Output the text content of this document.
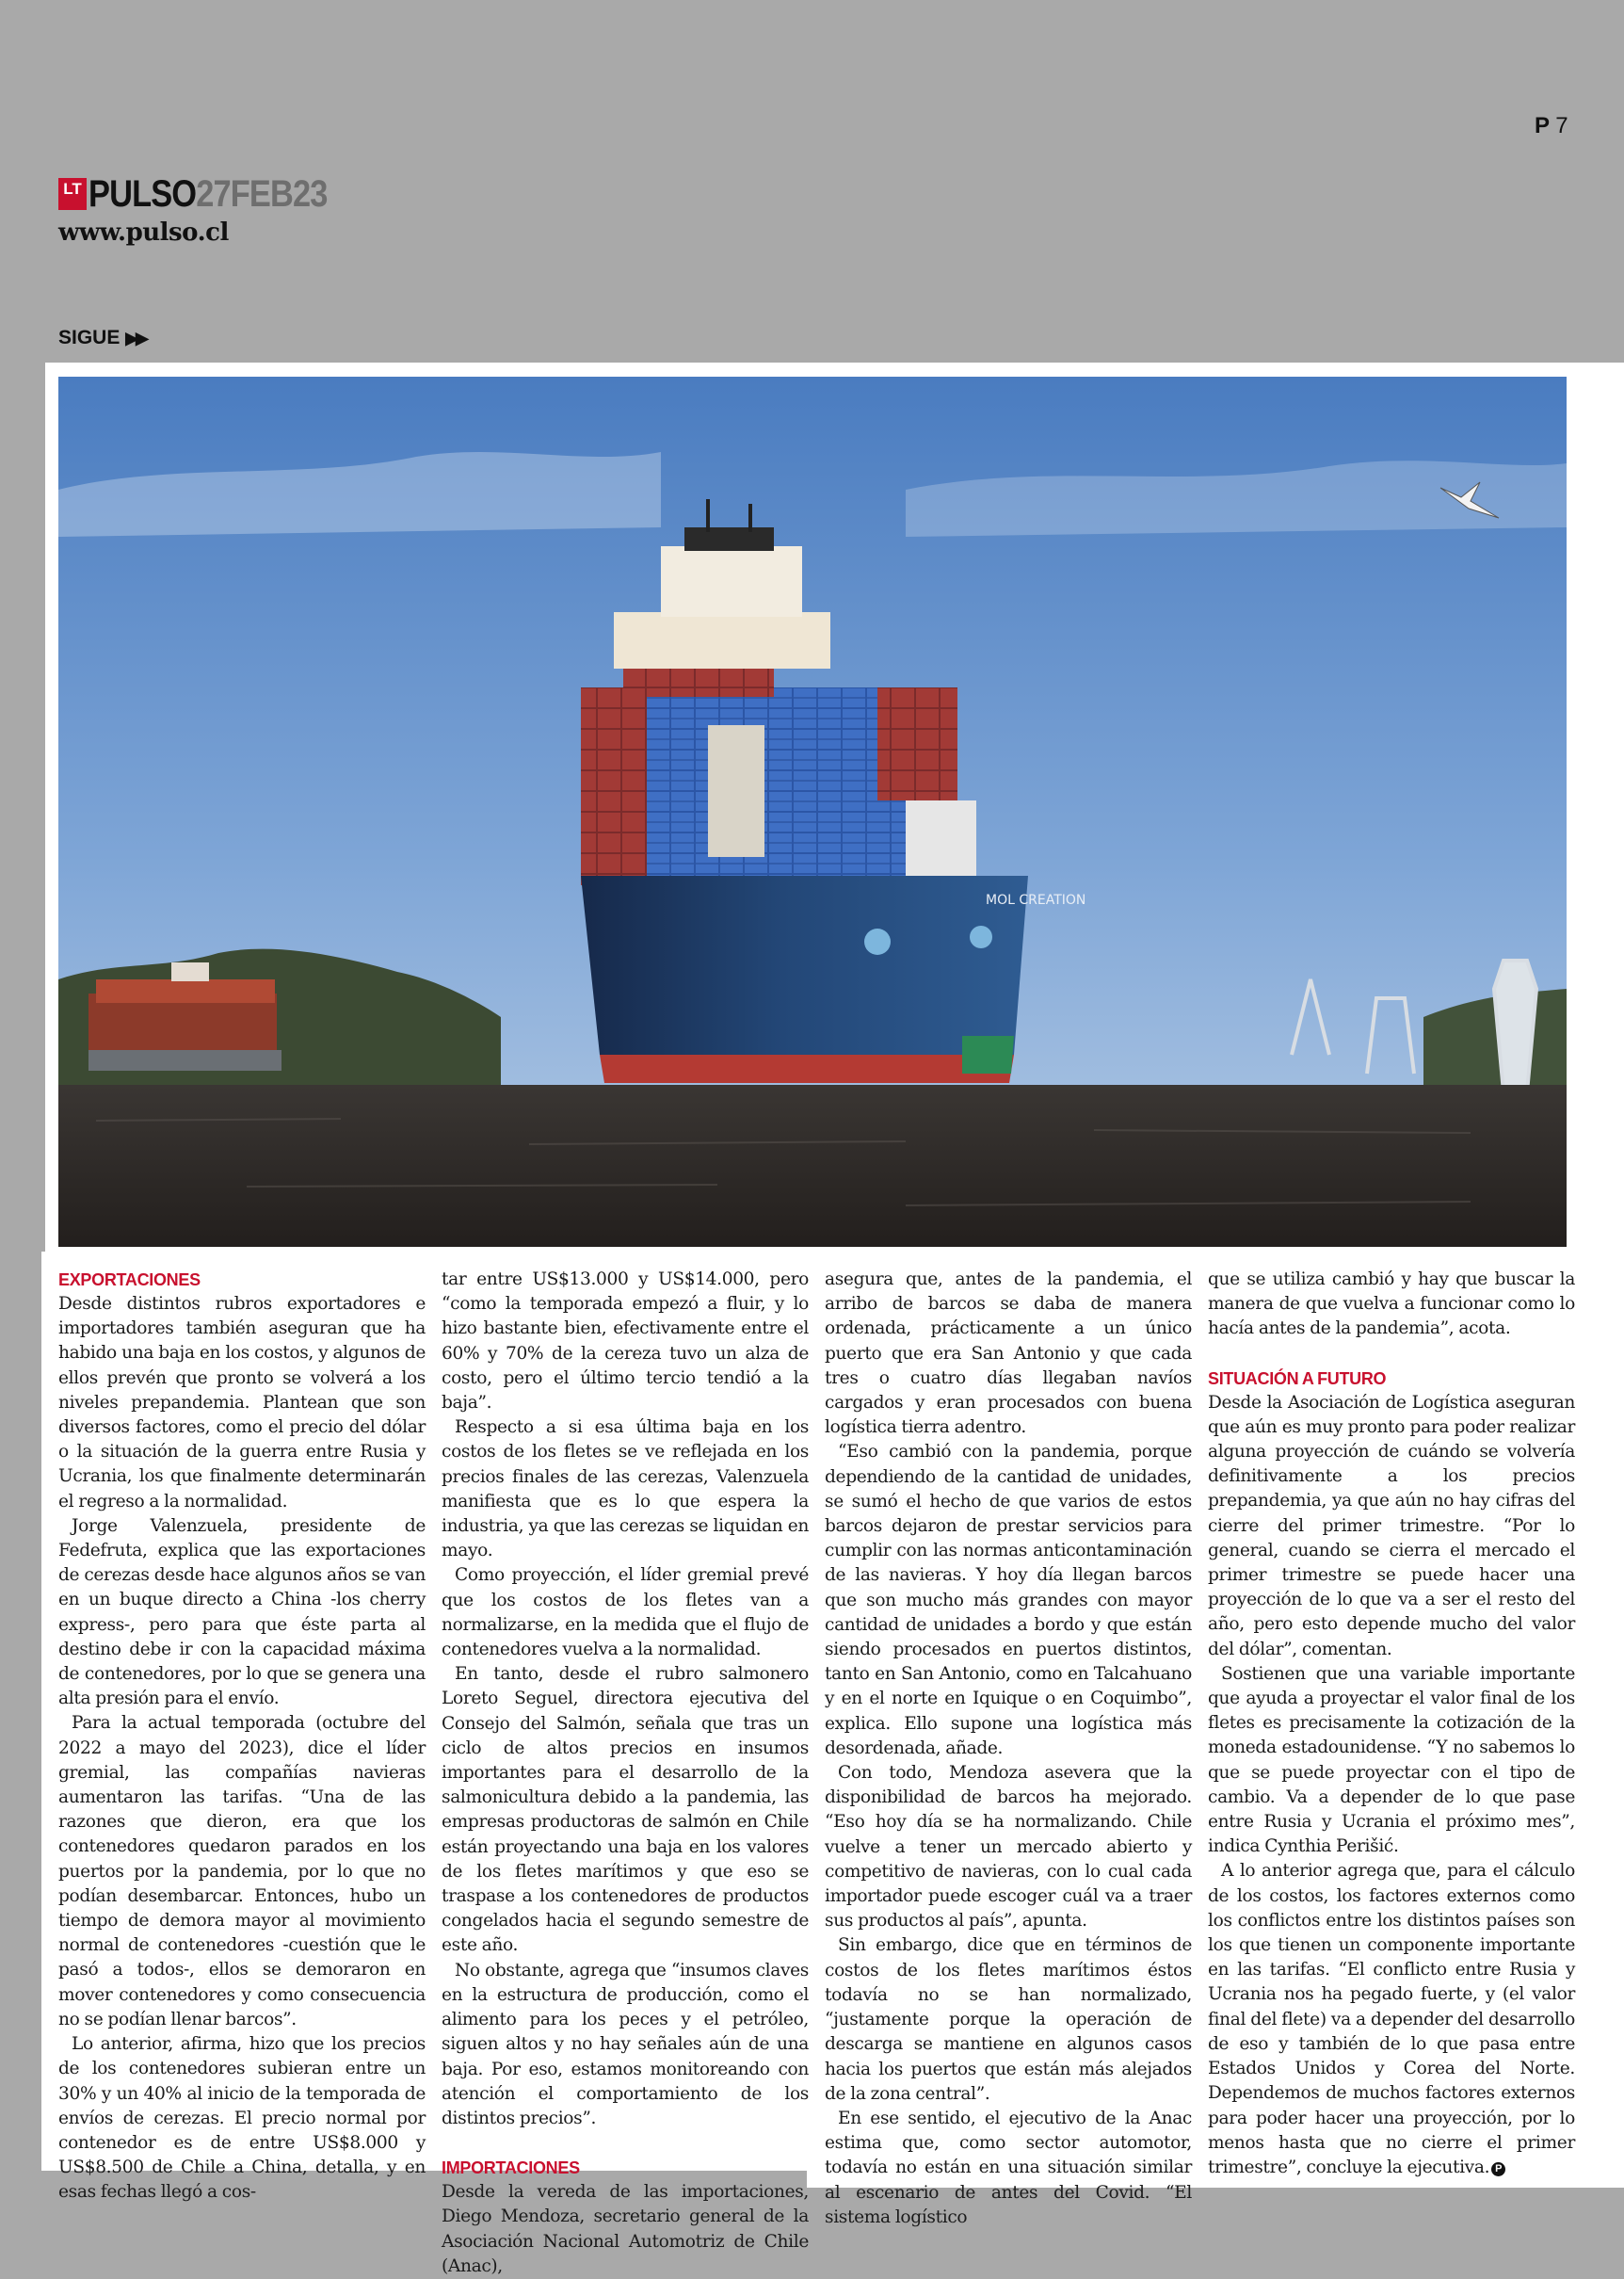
P 7
LT PULSO27FEB23
www.pulso.cl
SIGUE ▶▶
MOL CREATION
EXPORTACIONES

Desde distintos rubros exportadores e importadores también aseguran que ha habido una baja en los costos, y algunos de ellos prevén que pronto se volverá a los niveles prepandemia. Plantean que son diversos factores, como el precio del dólar o la situación de la guerra entre Rusia y Ucrania, los que finalmente determinarán el regreso a la normalidad.

Jorge Valenzuela, presidente de Fedefruta, explica que las exportaciones de cerezas desde hace algunos años se van en un buque directo a China -los cherry express-, pero para que éste parta al destino debe ir con la capacidad máxima de contenedores, por lo que se genera una alta presión para el envío.

Para la actual temporada (octubre del 2022 a mayo del 2023), dice el líder gremial, las compañías navieras aumentaron las tarifas. “Una de las razones que dieron, era que los contenedores quedaron parados en los puertos por la pandemia, por lo que no podían desembarcar. Entonces, hubo un tiempo de demora mayor al movimiento normal de contenedores -cuestión que le pasó a todos-, ellos se demoraron en mover contenedores y como consecuencia no se podían llenar barcos”.

Lo anterior, afirma, hizo que los precios de los contenedores subieran entre un 30% y un 40% al inicio de la temporada de envíos de cerezas. El precio normal por contenedor es de entre US$8.000 y US$8.500 de Chile a China, detalla, y en esas fechas llegó a cos-

tar entre US$13.000 y US$14.000, pero “como la temporada empezó a fluir, y lo hizo bastante bien, efectivamente entre el 60% y 70% de la cereza tuvo un alza de costo, pero el último tercio tendió a la baja”.

Respecto a si esa última baja en los costos de los fletes se ve reflejada en los precios finales de las cerezas, Valenzuela manifiesta que es lo que espera la industria, ya que las cerezas se liquidan en mayo.

Como proyección, el líder gremial prevé que los costos de los fletes van a normalizarse, en la medida que el flujo de contenedores vuelva a la normalidad.

En tanto, desde el rubro salmonero Loreto Seguel, directora ejecutiva del Consejo del Salmón, señala que tras un ciclo de altos precios en insumos importantes para el desarrollo de la salmonicultura debido a la pandemia, las empresas productoras de salmón en Chile están proyectando una baja en los valores de los fletes marítimos y que eso se traspase a los contenedores de productos congelados hacia el segundo semestre de este año.

No obstante, agrega que “insumos claves en la estructura de producción, como el alimento para los peces y el petróleo, siguen altos y no hay señales aún de una baja. Por eso, estamos monitoreando con atención el comportamiento de los distintos precios”.

IMPORTACIONES

Desde la vereda de las importaciones, Diego Mendoza, secretario general de la Asociación Nacional Automotriz de Chile (Anac),

asegura que, antes de la pandemia, el arribo de barcos se daba de manera ordenada, prácticamente a un único puerto que era San Antonio y que cada tres o cuatro días llegaban navíos cargados y eran procesados con buena logística tierra adentro.

“Eso cambió con la pandemia, porque dependiendo de la cantidad de unidades, se sumó el hecho de que varios de estos barcos dejaron de prestar servicios para cumplir con las normas anticontaminación de las navieras. Y hoy día llegan barcos que son mucho más grandes con mayor cantidad de unidades a bordo y que están siendo procesados en puertos distintos, tanto en San Antonio, como en Talcahuano y en el norte en Iquique o en Coquimbo”, explica. Ello supone una logística más desordenada, añade.

Con todo, Mendoza asevera que la disponibilidad de barcos ha mejorado. “Eso hoy día se ha normalizando. Chile vuelve a tener un mercado abierto y competitivo de navieras, con lo cual cada importador puede escoger cuál va a traer sus productos al país”, apunta.

Sin embargo, dice que en términos de costos de los fletes marítimos éstos todavía no se han normalizado, “justamente porque la operación de descarga se mantiene en algunos casos hacia los puertos que están más alejados de la zona central”.

En ese sentido, el ejecutivo de la Anac estima que, como sector automotor, todavía no están en una situación similar al escenario de antes del Covid. “El sistema logístico

que se utiliza cambió y hay que buscar la manera de que vuelva a funcionar como lo hacía antes de la pandemia”, acota.

SITUACIÓN A FUTURO

Desde la Asociación de Logística aseguran que aún es muy pronto para poder realizar alguna proyección de cuándo se volvería definitivamente a los precios prepandemia, ya que aún no hay cifras del cierre del primer trimestre. “Por lo general, cuando se cierra el mercado el primer trimestre se puede hacer una proyección de lo que va a ser el resto del año, pero esto depende mucho del valor del dólar”, comentan.

Sostienen que una variable importante que ayuda a proyectar el valor final de los fletes es precisamente la cotización de la moneda estadounidense. “Y no sabemos lo que se puede proyectar con el tipo de cambio. Va a depender de lo que pase entre Rusia y Ucrania el próximo mes”, indica Cynthia Perišić.

A lo anterior agrega que, para el cálculo de los costos, los factores externos como los conflictos entre los distintos países son los que tienen un componente importante en las tarifas. “El conflicto entre Rusia y Ucrania nos ha pegado fuerte, y (el valor final del flete) va a depender del desarrollo de eso y también de lo que pasa entre Estados Unidos y Corea del Norte. Dependemos de muchos factores externos para poder hacer una proyección, por lo menos hasta que no cierre el primer trimestre”, concluye la ejecutiva. P
